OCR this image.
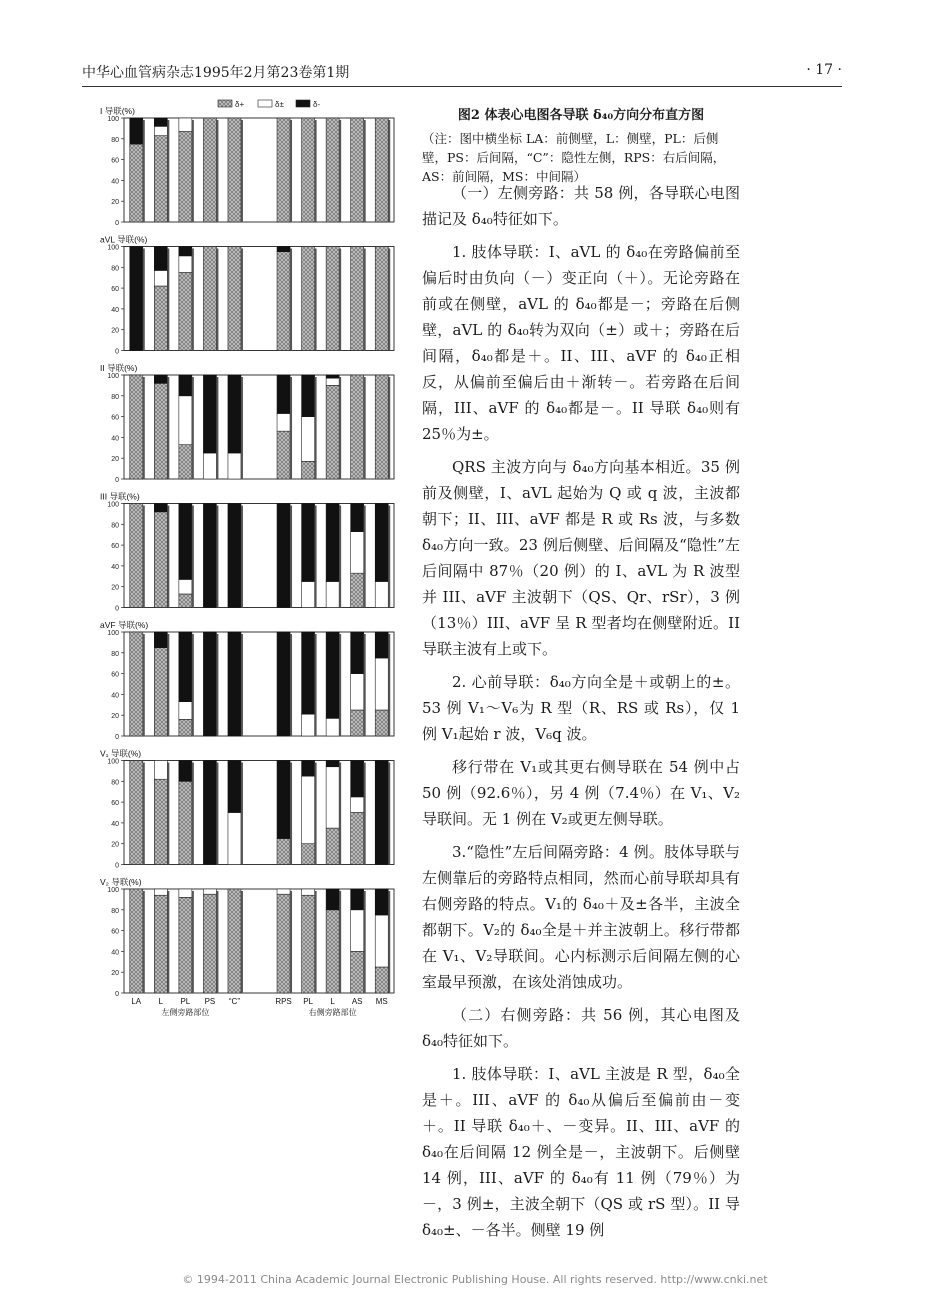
中华心血管病杂志1995年2月第23卷第1期	· 17 ·
δ+	δ±	δ-
I 导联(%)
100
80
60
40
20
0
aVL 导联(%)
100
80
60
40
20
0
II 导联(%)
100
80
60
40
20
0
III 导联(%)
100
80
60
40
20
0
aVF 导联(%)
100
80
60
40
20
0
V₁ 导联(%)
100
80
60
40
20
0
V₂ 导联(%)
100
80
60
40
20
0
LA L PL PS “C”	RPS PL L AS MS
左侧旁路部位	右侧旁路部位
图2 体表心电图各导联 δ₄₀方向分布直方图
（注：图中横坐标 LA：前侧壁，L：侧壁，PL：后侧壁，PS：后间隔，“C”：隐性左侧，RPS：右后间隔，AS：前间隔，MS：中间隔）

（一）左侧旁路：共 58 例，各导联心电图描记及 δ₄₀特征如下。

1. 肢体导联：I、aVL 的 δ₄₀在旁路偏前至偏后时由负向（－）变正向（＋）。无论旁路在前或在侧壁，aVL 的 δ₄₀都是－；旁路在后侧壁，aVL 的 δ₄₀转为双向（±）或＋；旁路在后间隔，δ₄₀都是＋。II、III、aVF 的 δ₄₀正相反，从偏前至偏后由＋渐转－。若旁路在后间隔，III、aVF 的 δ₄₀都是－。II 导联 δ₄₀则有 25％为±。

QRS 主波方向与 δ₄₀方向基本相近。35 例前及侧壁，I、aVL 起始为 Q 或 q 波，主波都朝下；II、III、aVF 都是 R 或 Rs 波，与多数 δ₄₀方向一致。23 例后侧壁、后间隔及“隐性”左后间隔中 87％（20 例）的 I、aVL 为 R 波型并 III、aVF 主波朝下（QS、Qr、rSr），3 例（13％）III、aVF 呈 R 型者均在侧壁附近。II 导联主波有上或下。

2. 心前导联：δ₄₀方向全是＋或朝上的±。53 例 V₁～V₆为 R 型（R、RS 或 Rs），仅 1 例 V₁起始 r 波，V₆q 波。

移行带在 V₁或其更右侧导联在 54 例中占 50 例（92.6％），另 4 例（7.4％）在 V₁、V₂导联间。无 1 例在 V₂或更左侧导联。

3.“隐性”左后间隔旁路：4 例。肢体导联与左侧靠后的旁路特点相同，然而心前导联却具有右侧旁路的特点。V₁的 δ₄₀＋及±各半，主波全都朝下。V₂的 δ₄₀全是＋并主波朝上。移行带都在 V₁、V₂导联间。心内标测示后间隔左侧的心室最早预激，在该处消蚀成功。

（二）右侧旁路：共 56 例，其心电图及 δ₄₀特征如下。

1. 肢体导联：I、aVL 主波是 R 型，δ₄₀全是＋。III、aVF 的 δ₄₀从偏后至偏前由－变＋。II 导联 δ₄₀＋、－变异。II、III、aVF 的 δ₄₀在后间隔 12 例全是－，主波朝下。后侧壁 14 例，III、aVF 的 δ₄₀有 11 例（79％）为－，3 例±，主波全朝下（QS 或 rS 型）。II 导 δ₄₀±、－各半。侧壁 19 例

© 1994-2011 China Academic Journal Electronic Publishing House. All rights reserved. http://www.cnki.net
